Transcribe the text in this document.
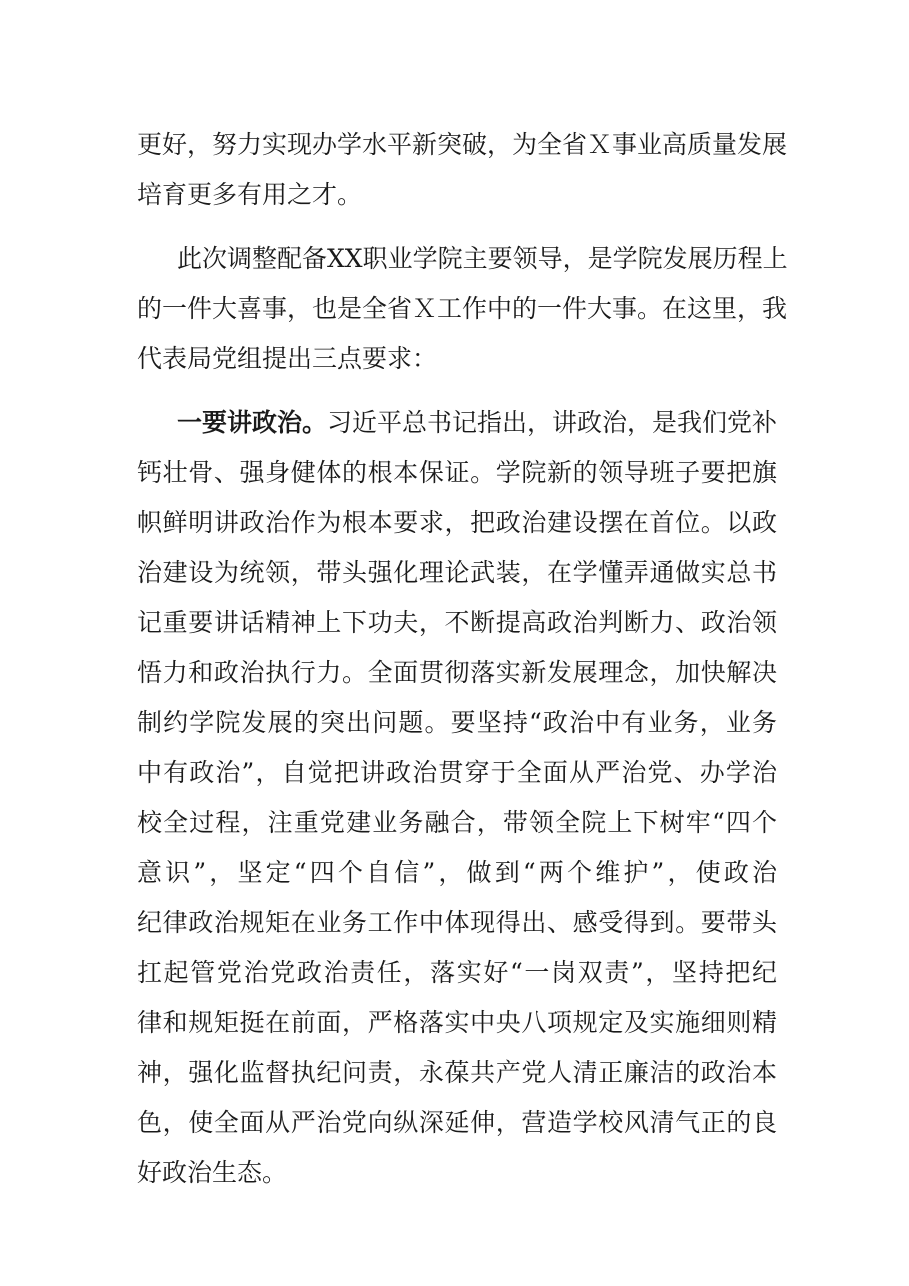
更好，努力实现办学水平新突破，为全省Ｘ事业高质量发展
培育更多有用之才。
此次调整配备XX职业学院主要领导，是学院发展历程上
的一件大喜事，也是全省Ｘ工作中的一件大事。在这里，我
代表局党组提出三点要求：
一要讲政治。习近平总书记指出，讲政治，是我们党补
钙壮骨、强身健体的根本保证。学院新的领导班子要把旗
帜鲜明讲政治作为根本要求，把政治建设摆在首位。以政
治建设为统领，带头强化理论武装，在学懂弄通做实总书
记重要讲话精神上下功夫，不断提高政治判断力、政治领
悟力和政治执行力。全面贯彻落实新发展理念，加快解决
制约学院发展的突出问题。要坚持“政治中有业务，业务
中有政治”，自觉把讲政治贯穿于全面从严治党、办学治
校全过程，注重党建业务融合，带领全院上下树牢“四个
意识”，坚定“四个自信”，做到“两个维护”，使政治
纪律政治规矩在业务工作中体现得出、感受得到。要带头
扛起管党治党政治责任，落实好“一岗双责”，坚持把纪
律和规矩挺在前面，严格落实中央八项规定及实施细则精
神，强化监督执纪问责，永葆共产党人清正廉洁的政治本
色，使全面从严治党向纵深延伸，营造学校风清气正的良
好政治生态。
